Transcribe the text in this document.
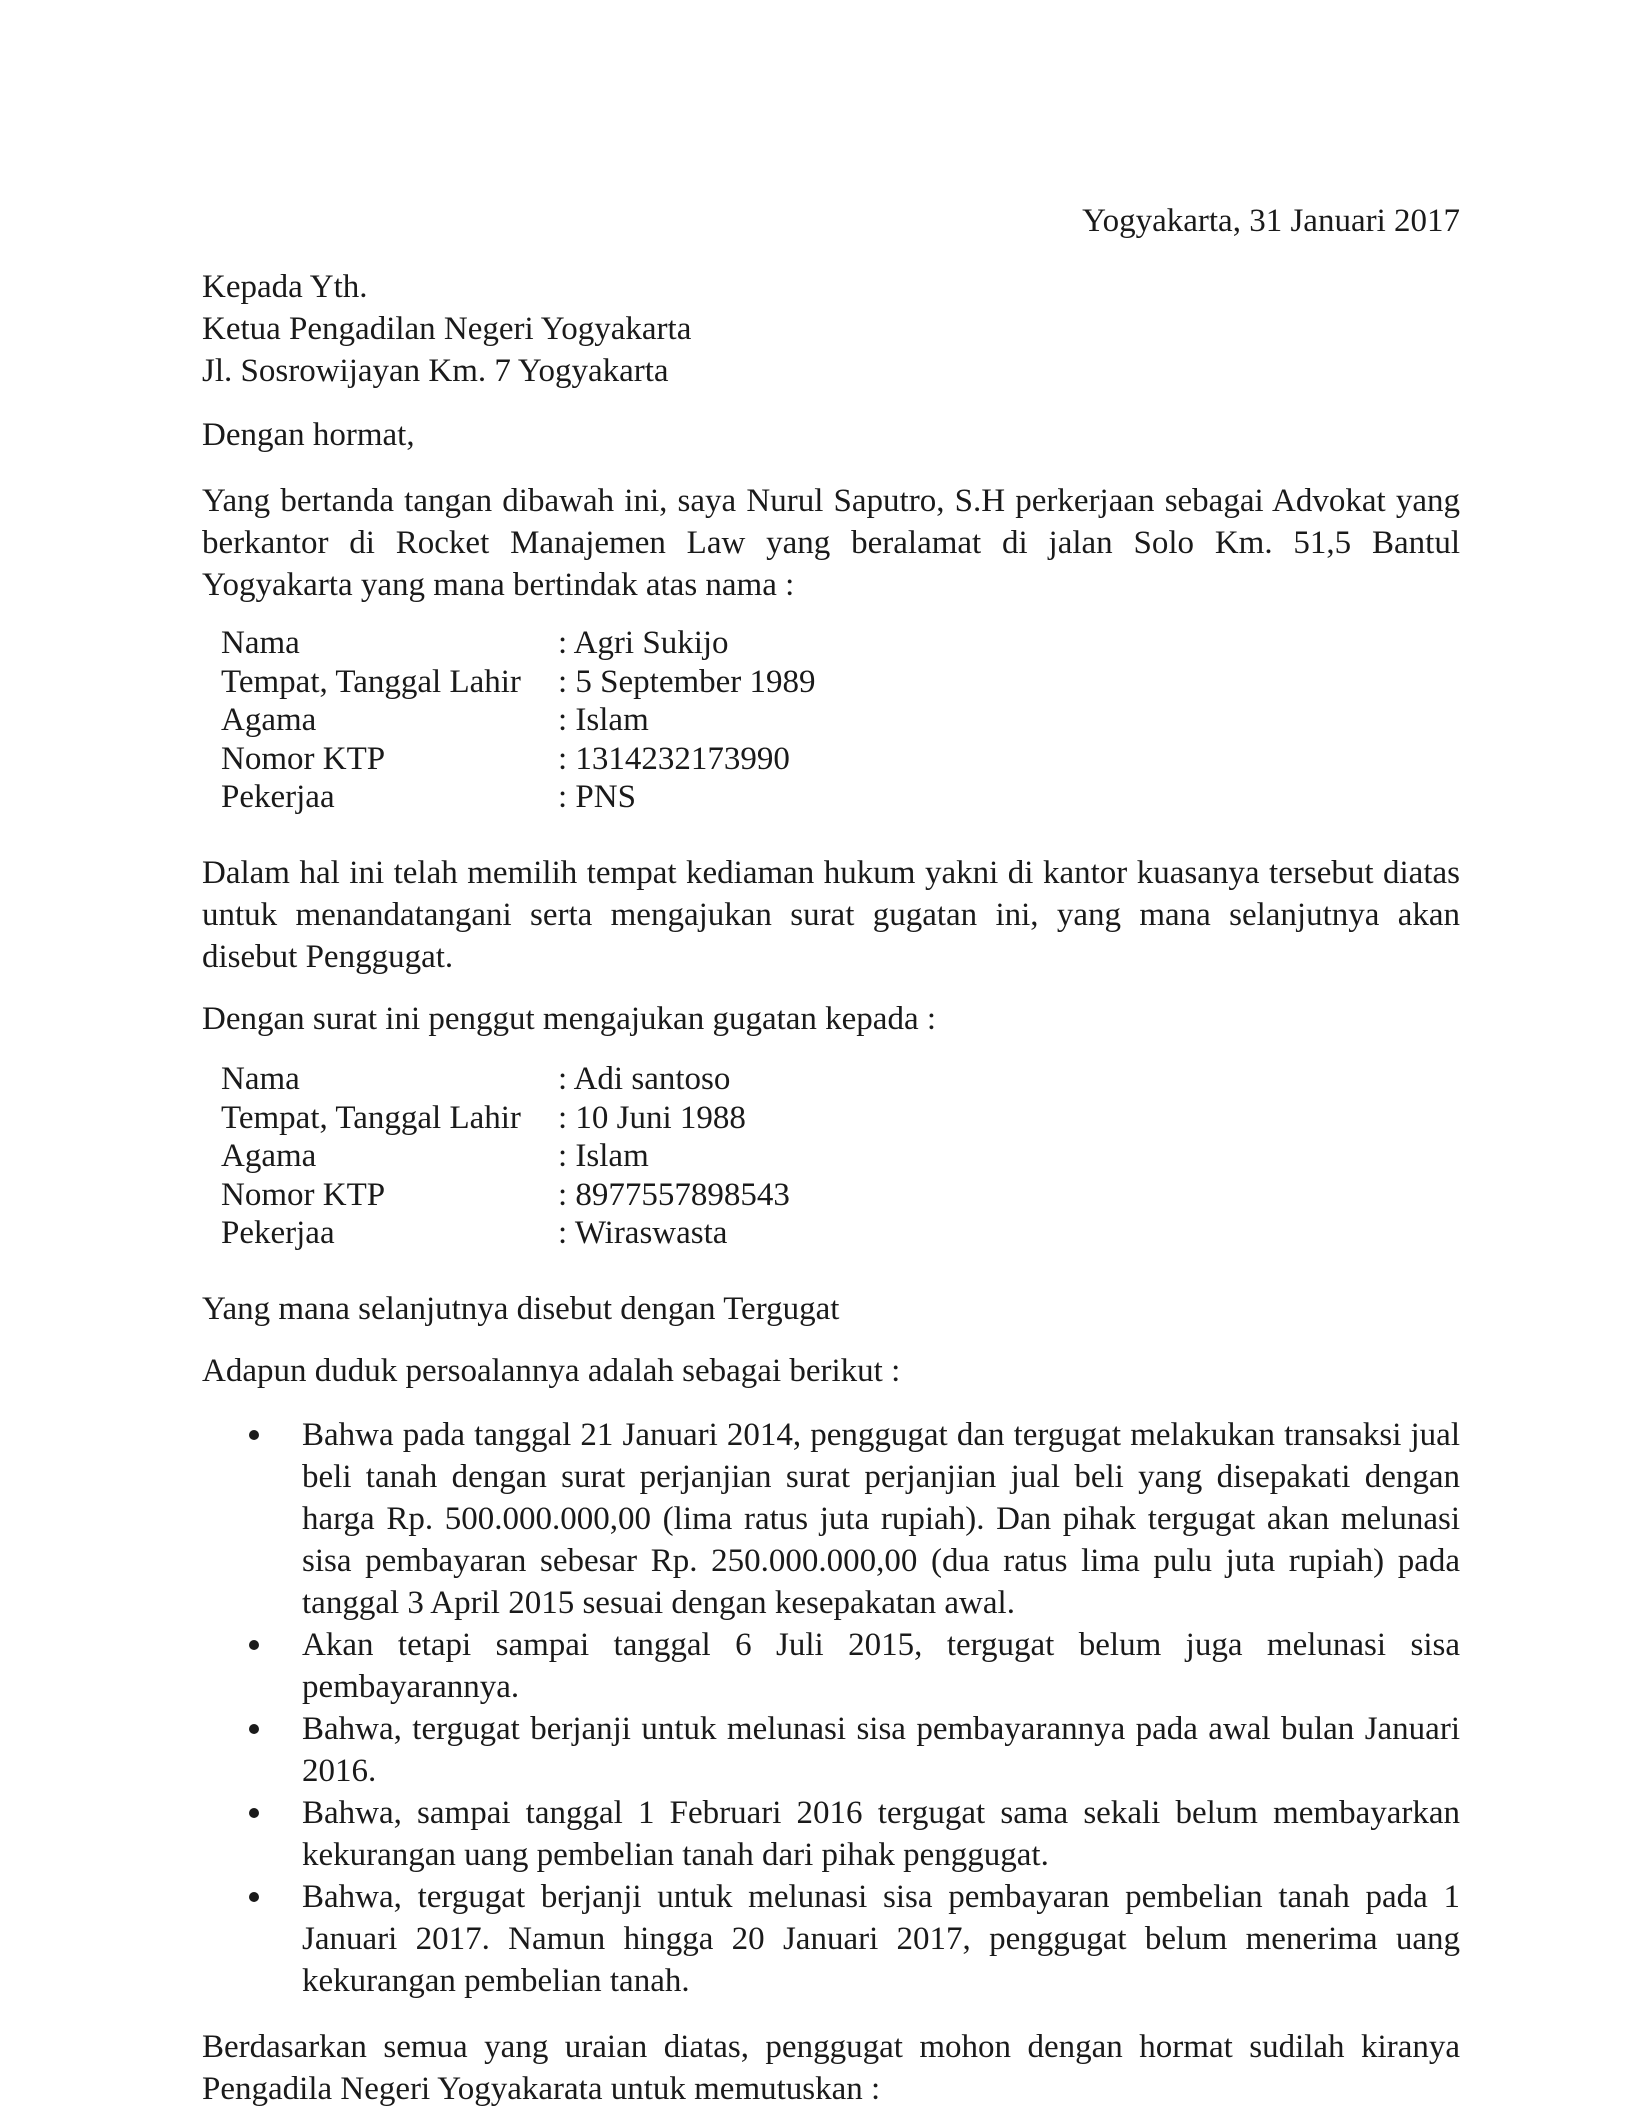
Yogyakarta, 31 Januari 2017
Kepada Yth.
Ketua Pengadilan Negeri Yogyakarta
Jl. Sosrowijayan Km. 7 Yogyakarta
Dengan hormat,
Yang bertanda tangan dibawah ini, saya Nurul Saputro, S.H perkerjaan sebagai Advokat yang berkantor di Rocket Manajemen Law yang beralamat di jalan Solo Km. 51,5 Bantul Yogyakarta yang mana bertindak atas nama :
Nama	: Agri Sukijo
Tempat, Tanggal Lahir	: 5 September 1989
Agama	: Islam
Nomor KTP	: 1314232173990
Pekerjaa	: PNS
Dalam hal ini telah memilih tempat kediaman hukum yakni di kantor kuasanya tersebut diatas untuk menandatangani serta mengajukan surat gugatan ini, yang mana selanjutnya akan disebut Penggugat.
Dengan surat ini penggut mengajukan gugatan kepada :
Nama	: Adi santoso
Tempat, Tanggal Lahir	: 10 Juni 1988
Agama	: Islam
Nomor KTP	: 8977557898543
Pekerjaa	: Wiraswasta
Yang mana selanjutnya disebut dengan Tergugat
Adapun duduk persoalannya adalah sebagai berikut :
Bahwa pada tanggal 21 Januari 2014, penggugat dan tergugat melakukan transaksi jual beli tanah dengan surat perjanjian surat perjanjian jual beli yang disepakati dengan harga Rp. 500.000.000,00 (lima ratus juta rupiah). Dan pihak tergugat akan melunasi sisa pembayaran sebesar Rp. 250.000.000,00 (dua ratus lima pulu juta rupiah) pada tanggal 3 April 2015 sesuai dengan kesepakatan awal.
Akan tetapi sampai tanggal 6 Juli 2015, tergugat belum juga melunasi sisa pembayarannya.
Bahwa, tergugat berjanji untuk melunasi sisa pembayarannya pada awal bulan Januari 2016.
Bahwa, sampai tanggal 1 Februari 2016 tergugat sama sekali belum membayarkan kekurangan uang pembelian tanah dari pihak penggugat.
Bahwa, tergugat berjanji untuk melunasi sisa pembayaran pembelian tanah pada 1 Januari 2017. Namun hingga 20 Januari 2017, penggugat belum menerima uang kekurangan pembelian tanah.
Berdasarkan semua yang uraian diatas, penggugat mohon dengan hormat sudilah kiranya Pengadila Negeri Yogyakarata untuk memutuskan :
